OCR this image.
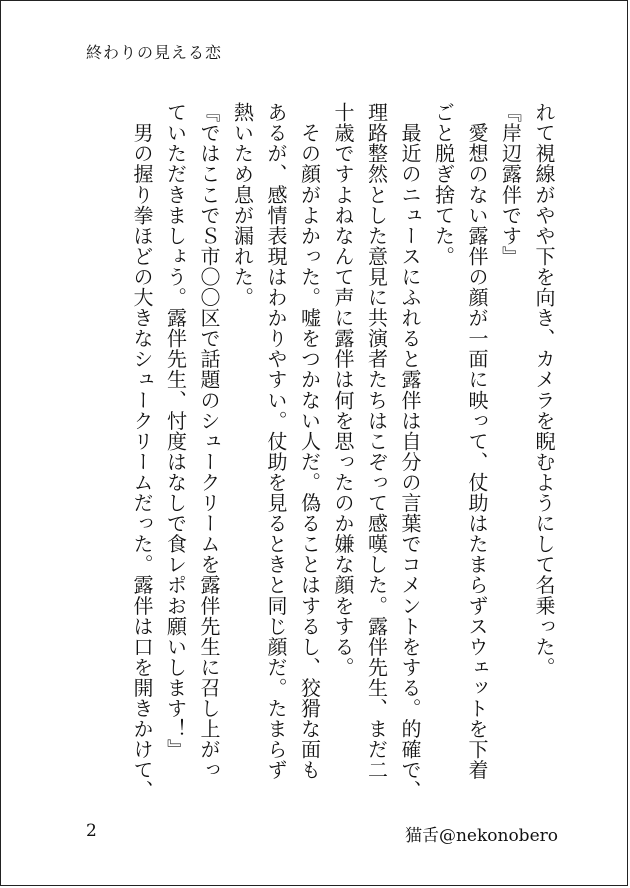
終わりの見える恋
れて視線がやや下を向き、カメラを睨むようにして名乗った。
『岸辺露伴です』
　愛想のない露伴の顔が一面に映って、仗助はたまらずスウェットを下着
ごと脱ぎ捨てた。
　最近のニュースにふれると露伴は自分の言葉でコメントをする。的確で、
理路整然とした意見に共演者たちはこぞって感嘆した。露伴先生、まだ二
十歳ですよねなんて声に露伴は何を思ったのか嫌な顔をする。
　その顔がよかった。嘘をつかない人だ。偽ることはするし、狡猾な面も
あるが、感情表現はわかりやすい。仗助を見るときと同じ顔だ。たまらず
熱いため息が漏れた。
『ではここでＳ市〇〇区で話題のシュークリームを露伴先生に召し上がっ
ていただきましょう。露伴先生、忖度はなしで食レポお願いします！』
　男の握り拳ほどの大きなシュークリームだった。露伴は口を開きかけて、
2	猫舌@nekonobero
